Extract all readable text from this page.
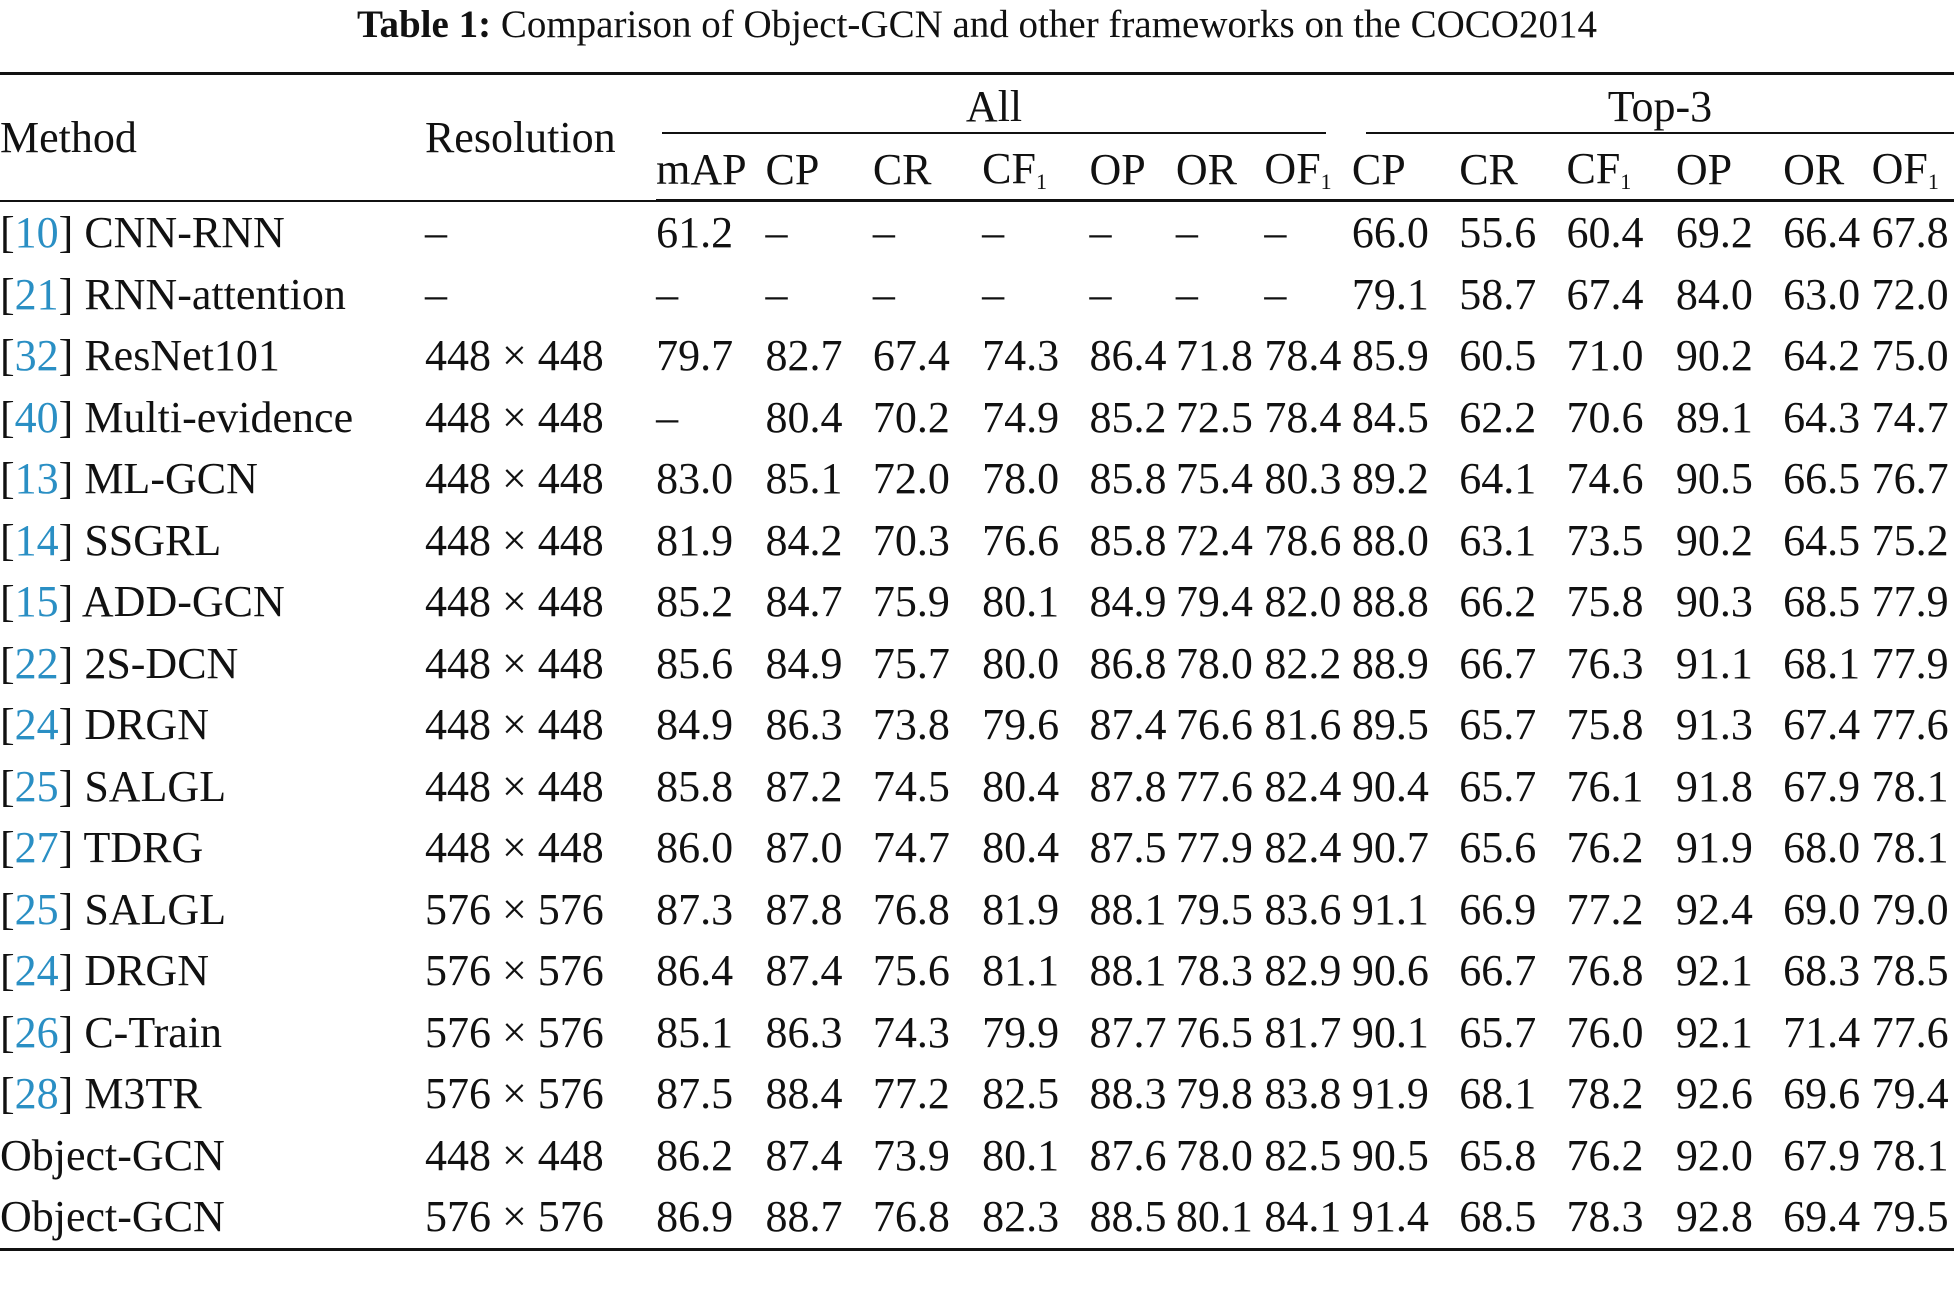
Table 1: Comparison of Object-GCN and other frameworks on the COCO2014
Method	Resolution	All							Top-3					

		mAP	CP	CR	$CF_1$	OP	OR	$OF_1$	CP	CR	$CF_1$	OP	OR	$OF_1$
[10] CNN-RNN	–	61.2	–	–	–	–	–	–	66.0	55.6	60.4	69.2	66.4	67.8
[21] RNN-attention	–	–	–	–	–	–	–	–	79.1	58.7	67.4	84.0	63.0	72.0
[32] ResNet101	448 × 448	79.7	82.7	67.4	74.3	86.4	71.8	78.4	85.9	60.5	71.0	90.2	64.2	75.0
[40] Multi-evidence	448 × 448	–	80.4	70.2	74.9	85.2	72.5	78.4	84.5	62.2	70.6	89.1	64.3	74.7
[13] ML-GCN	448 × 448	83.0	85.1	72.0	78.0	85.8	75.4	80.3	89.2	64.1	74.6	90.5	66.5	76.7
[14] SSGRL	448 × 448	81.9	84.2	70.3	76.6	85.8	72.4	78.6	88.0	63.1	73.5	90.2	64.5	75.2
[15] ADD-GCN	448 × 448	85.2	84.7	75.9	80.1	84.9	79.4	82.0	88.8	66.2	75.8	90.3	68.5	77.9
[22] 2S-DCN	448 × 448	85.6	84.9	75.7	80.0	86.8	78.0	82.2	88.9	66.7	76.3	91.1	68.1	77.9
[24] DRGN	448 × 448	84.9	86.3	73.8	79.6	87.4	76.6	81.6	89.5	65.7	75.8	91.3	67.4	77.6
[25] SALGL	448 × 448	85.8	87.2	74.5	80.4	87.8	77.6	82.4	90.4	65.7	76.1	91.8	67.9	78.1
[27] TDRG	448 × 448	86.0	87.0	74.7	80.4	87.5	77.9	82.4	90.7	65.6	76.2	91.9	68.0	78.1
[25] SALGL	576 × 576	87.3	87.8	76.8	81.9	88.1	79.5	83.6	91.1	66.9	77.2	92.4	69.0	79.0
[24] DRGN	576 × 576	86.4	87.4	75.6	81.1	88.1	78.3	82.9	90.6	66.7	76.8	92.1	68.3	78.5
[26] C-Train	576 × 576	85.1	86.3	74.3	79.9	87.7	76.5	81.7	90.1	65.7	76.0	92.1	71.4	77.6
[28] M3TR	576 × 576	87.5	88.4	77.2	82.5	88.3	79.8	83.8	91.9	68.1	78.2	92.6	69.6	79.4
Object-GCN	448 × 448	86.2	87.4	73.9	80.1	87.6	78.0	82.5	90.5	65.8	76.2	92.0	67.9	78.1
Object-GCN	576 × 576	86.9	88.7	76.8	82.3	88.5	80.1	84.1	91.4	68.5	78.3	92.8	69.4	79.5
